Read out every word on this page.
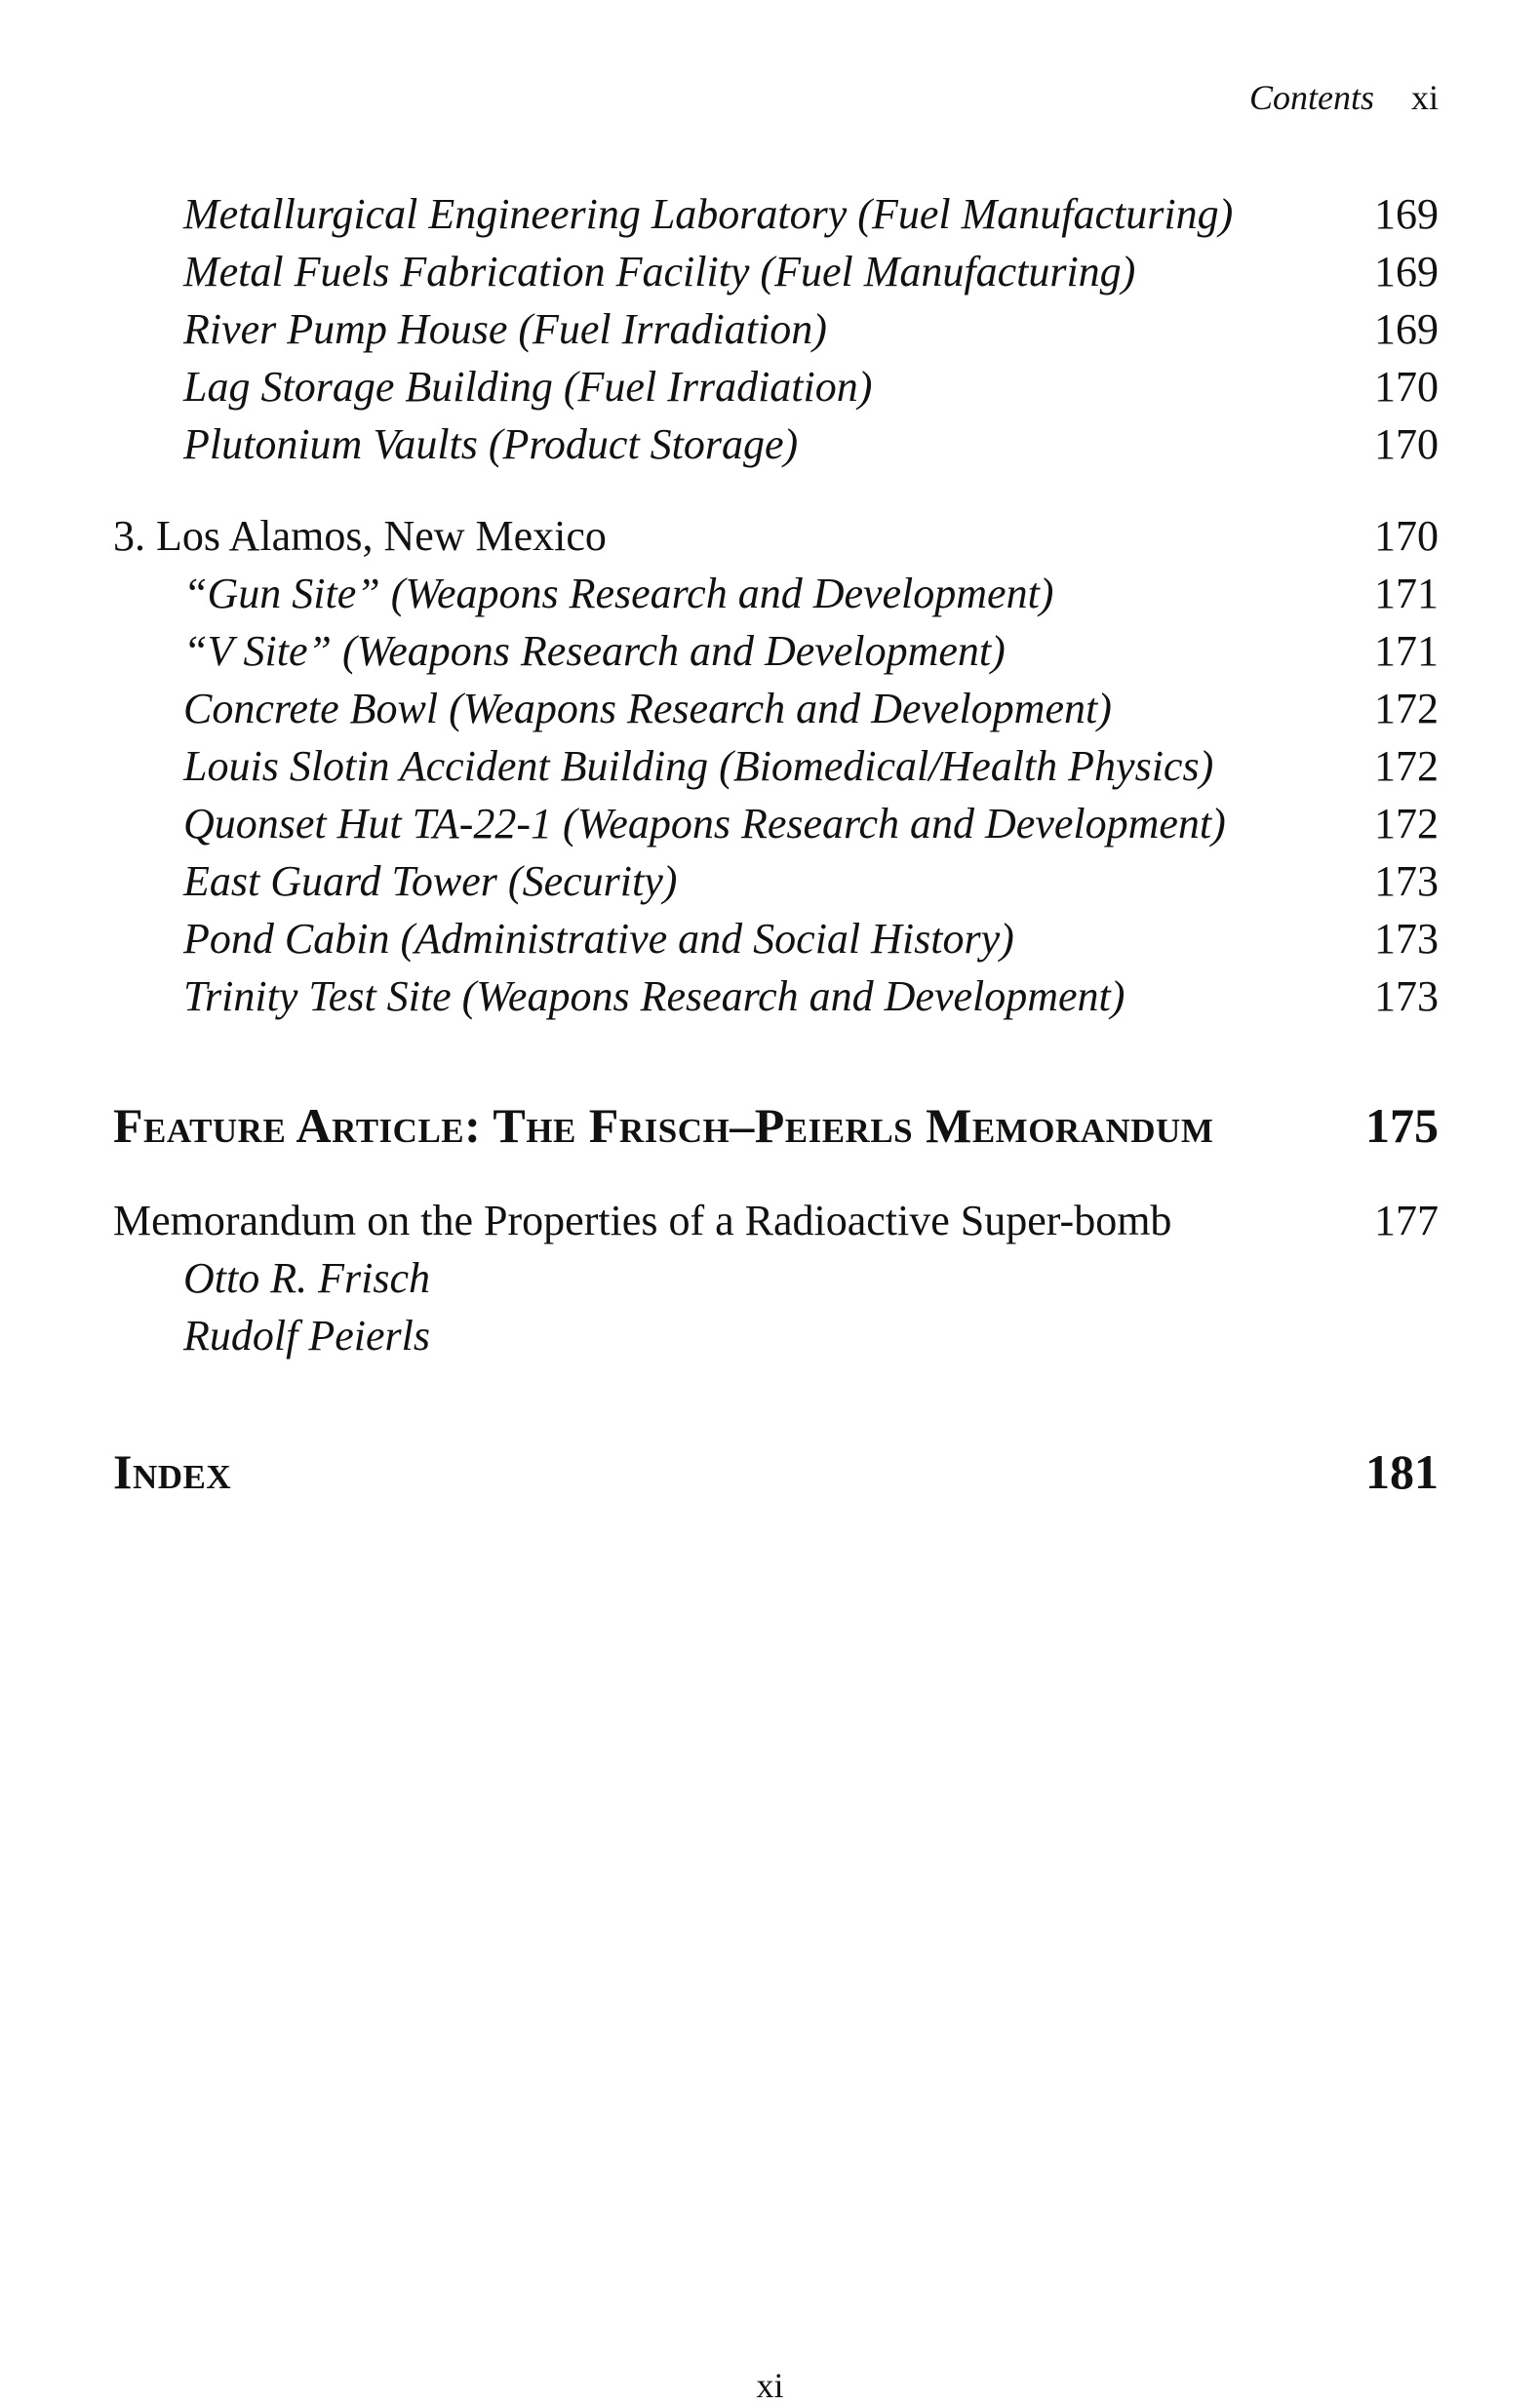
Contents xi
Metallurgical Engineering Laboratory (Fuel Manufacturing)	169
Metal Fuels Fabrication Facility (Fuel Manufacturing)	169
River Pump House (Fuel Irradiation)	169
Lag Storage Building (Fuel Irradiation)	170
Plutonium Vaults (Product Storage)	170
3. Los Alamos, New Mexico	170
“Gun Site” (Weapons Research and Development)	171
“V Site” (Weapons Research and Development)	171
Concrete Bowl (Weapons Research and Development)	172
Louis Slotin Accident Building (Biomedical/Health Physics)	172
Quonset Hut TA-22-1 (Weapons Research and Development)	172
East Guard Tower (Security)	173
Pond Cabin (Administrative and Social History)	173
Trinity Test Site (Weapons Research and Development)	173
Feature Article: The Frisch–Peierls Memorandum	175
Memorandum on the Properties of a Radioactive Super-bomb	177
Otto R. Frisch
Rudolf Peierls
Index	181
xi
